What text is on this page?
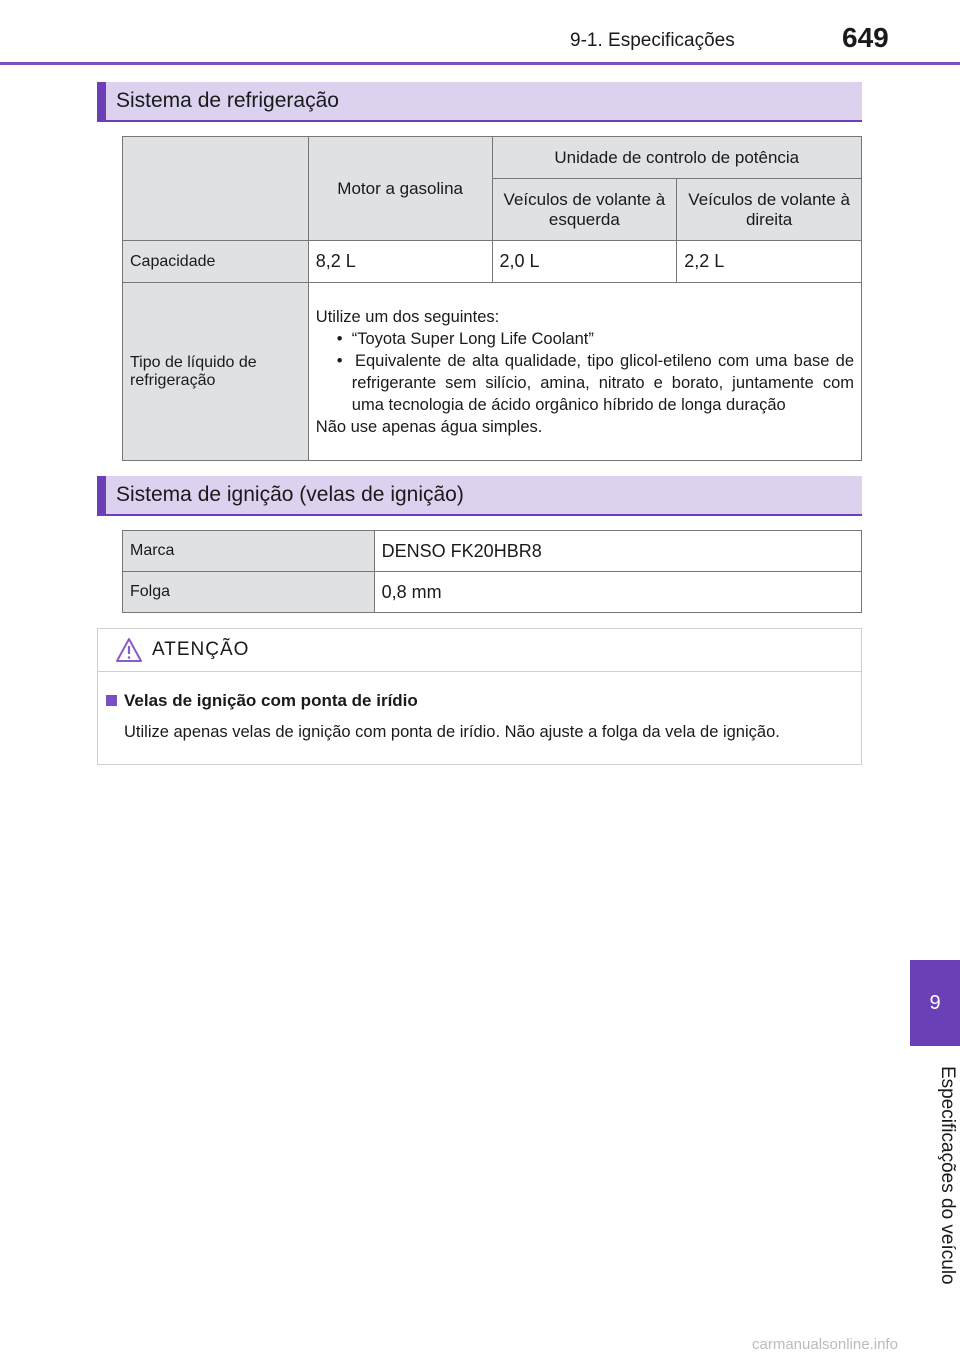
9-1. Especificações	649
9
Especificações do veículo
Sistema de refrigeração
	Motor a gasolina	Unidade de controlo de potência	
		Veículos de volante à esquerda	Veículos de volante à direita
Capacidade	8,2 L	2,0 L	2,2 L
Tipo de líquido de refrigeração	Utilize um dos seguintes:
•  “Toyota Super Long Life Coolant”
•  Equivalente de alta qualidade, tipo glicol-etileno com uma base de refrigerante sem silício, amina, nitrato e borato, juntamente com uma tecnologia de ácido orgânico híbrido de longa duração
Não use apenas água simples.		
Sistema de ignição (velas de ignição)
Marca	DENSO FK20HBR8
Folga	0,8 mm
ATENÇÃO
Velas de ignição com ponta de irídio
Utilize apenas velas de ignição com ponta de irídio. Não ajuste a folga da vela de ignição.
carmanualsonline.info
